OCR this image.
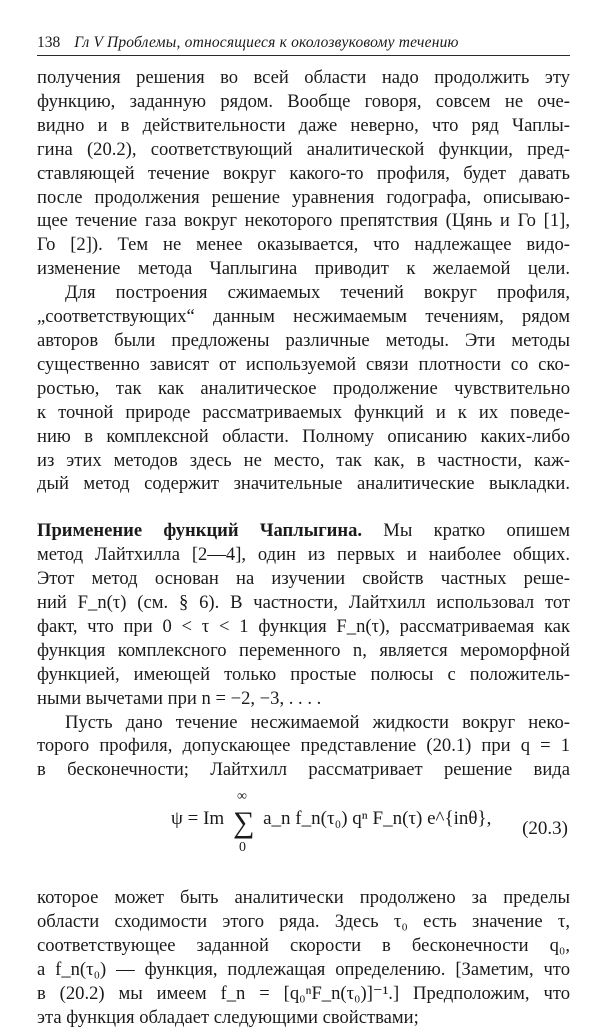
138 Гл V Проблемы, относящиеся к околозвуковому течению

получения решения во всей области надо продолжить эту

функцию, заданную рядом. Вообще говоря, совсем не оче-

видно и в действительности даже неверно, что ряд Чаплы-

гина (20.2), соответствующий аналитической функции, пред-

ставляющей течение вокруг какого-то профиля, будет давать

после продолжения решение уравнения годографа, описываю-

щее течение газа вокруг некоторого препятствия (Цянь и Го [1],

Го [2]). Тем не менее оказывается, что надлежащее видо-

изменение метода Чаплыгина приводит к желаемой цели.

Для построения сжимаемых течений вокруг профиля,

„соответствующих“ данным несжимаемым течениям, рядом

авторов были предложены различные методы. Эти методы

существенно зависят от используемой связи плотности со ско-

ростью, так как аналитическое продолжение чувствительно

к точной природе рассматриваемых функций и к их поведе-

нию в комплексной области. Полному описанию каких-либо

из этих методов здесь не место, так как, в частности, каж-

дый метод содержит значительные аналитические выкладки.

Применение функций Чаплыгина. Мы кратко опишем

метод Лайтхилла [2—4], один из первых и наиболее общих.

Этот метод основан на изучении свойств частных реше-

ний F_n(τ) (см. § 6). В частности, Лайтхилл использовал тот

факт, что при 0 < τ < 1 функция F_n(τ), рассматриваемая как

функция комплексного переменного n, является мероморфной

функцией, имеющей только простые полюсы с положитель-

ными вычетами при n = −2, −3, . . . .

Пусть дано течение несжимаемой жидкости вокруг неко-

торого профиля, допускающее представление (20.1) при q = 1

в бесконечности; Лайтхилл рассматривает решение вида

ψ = Im ∑
∞
0
a_n f_n(τ₀) qⁿ F_n(τ) e^{inθ}, (20.3)

которое может быть аналитически продолжено за пределы

области сходимости этого ряда. Здесь τ₀ есть значение τ,

соответствующее заданной скорости в бесконечности q₀,

а f_n(τ₀) — функция, подлежащая определению. [Заметим, что

в (20.2) мы имеем f_n = [q₀ⁿF_n(τ₀)]⁻¹.] Предположим, что

эта функция обладает следующими свойствами;
